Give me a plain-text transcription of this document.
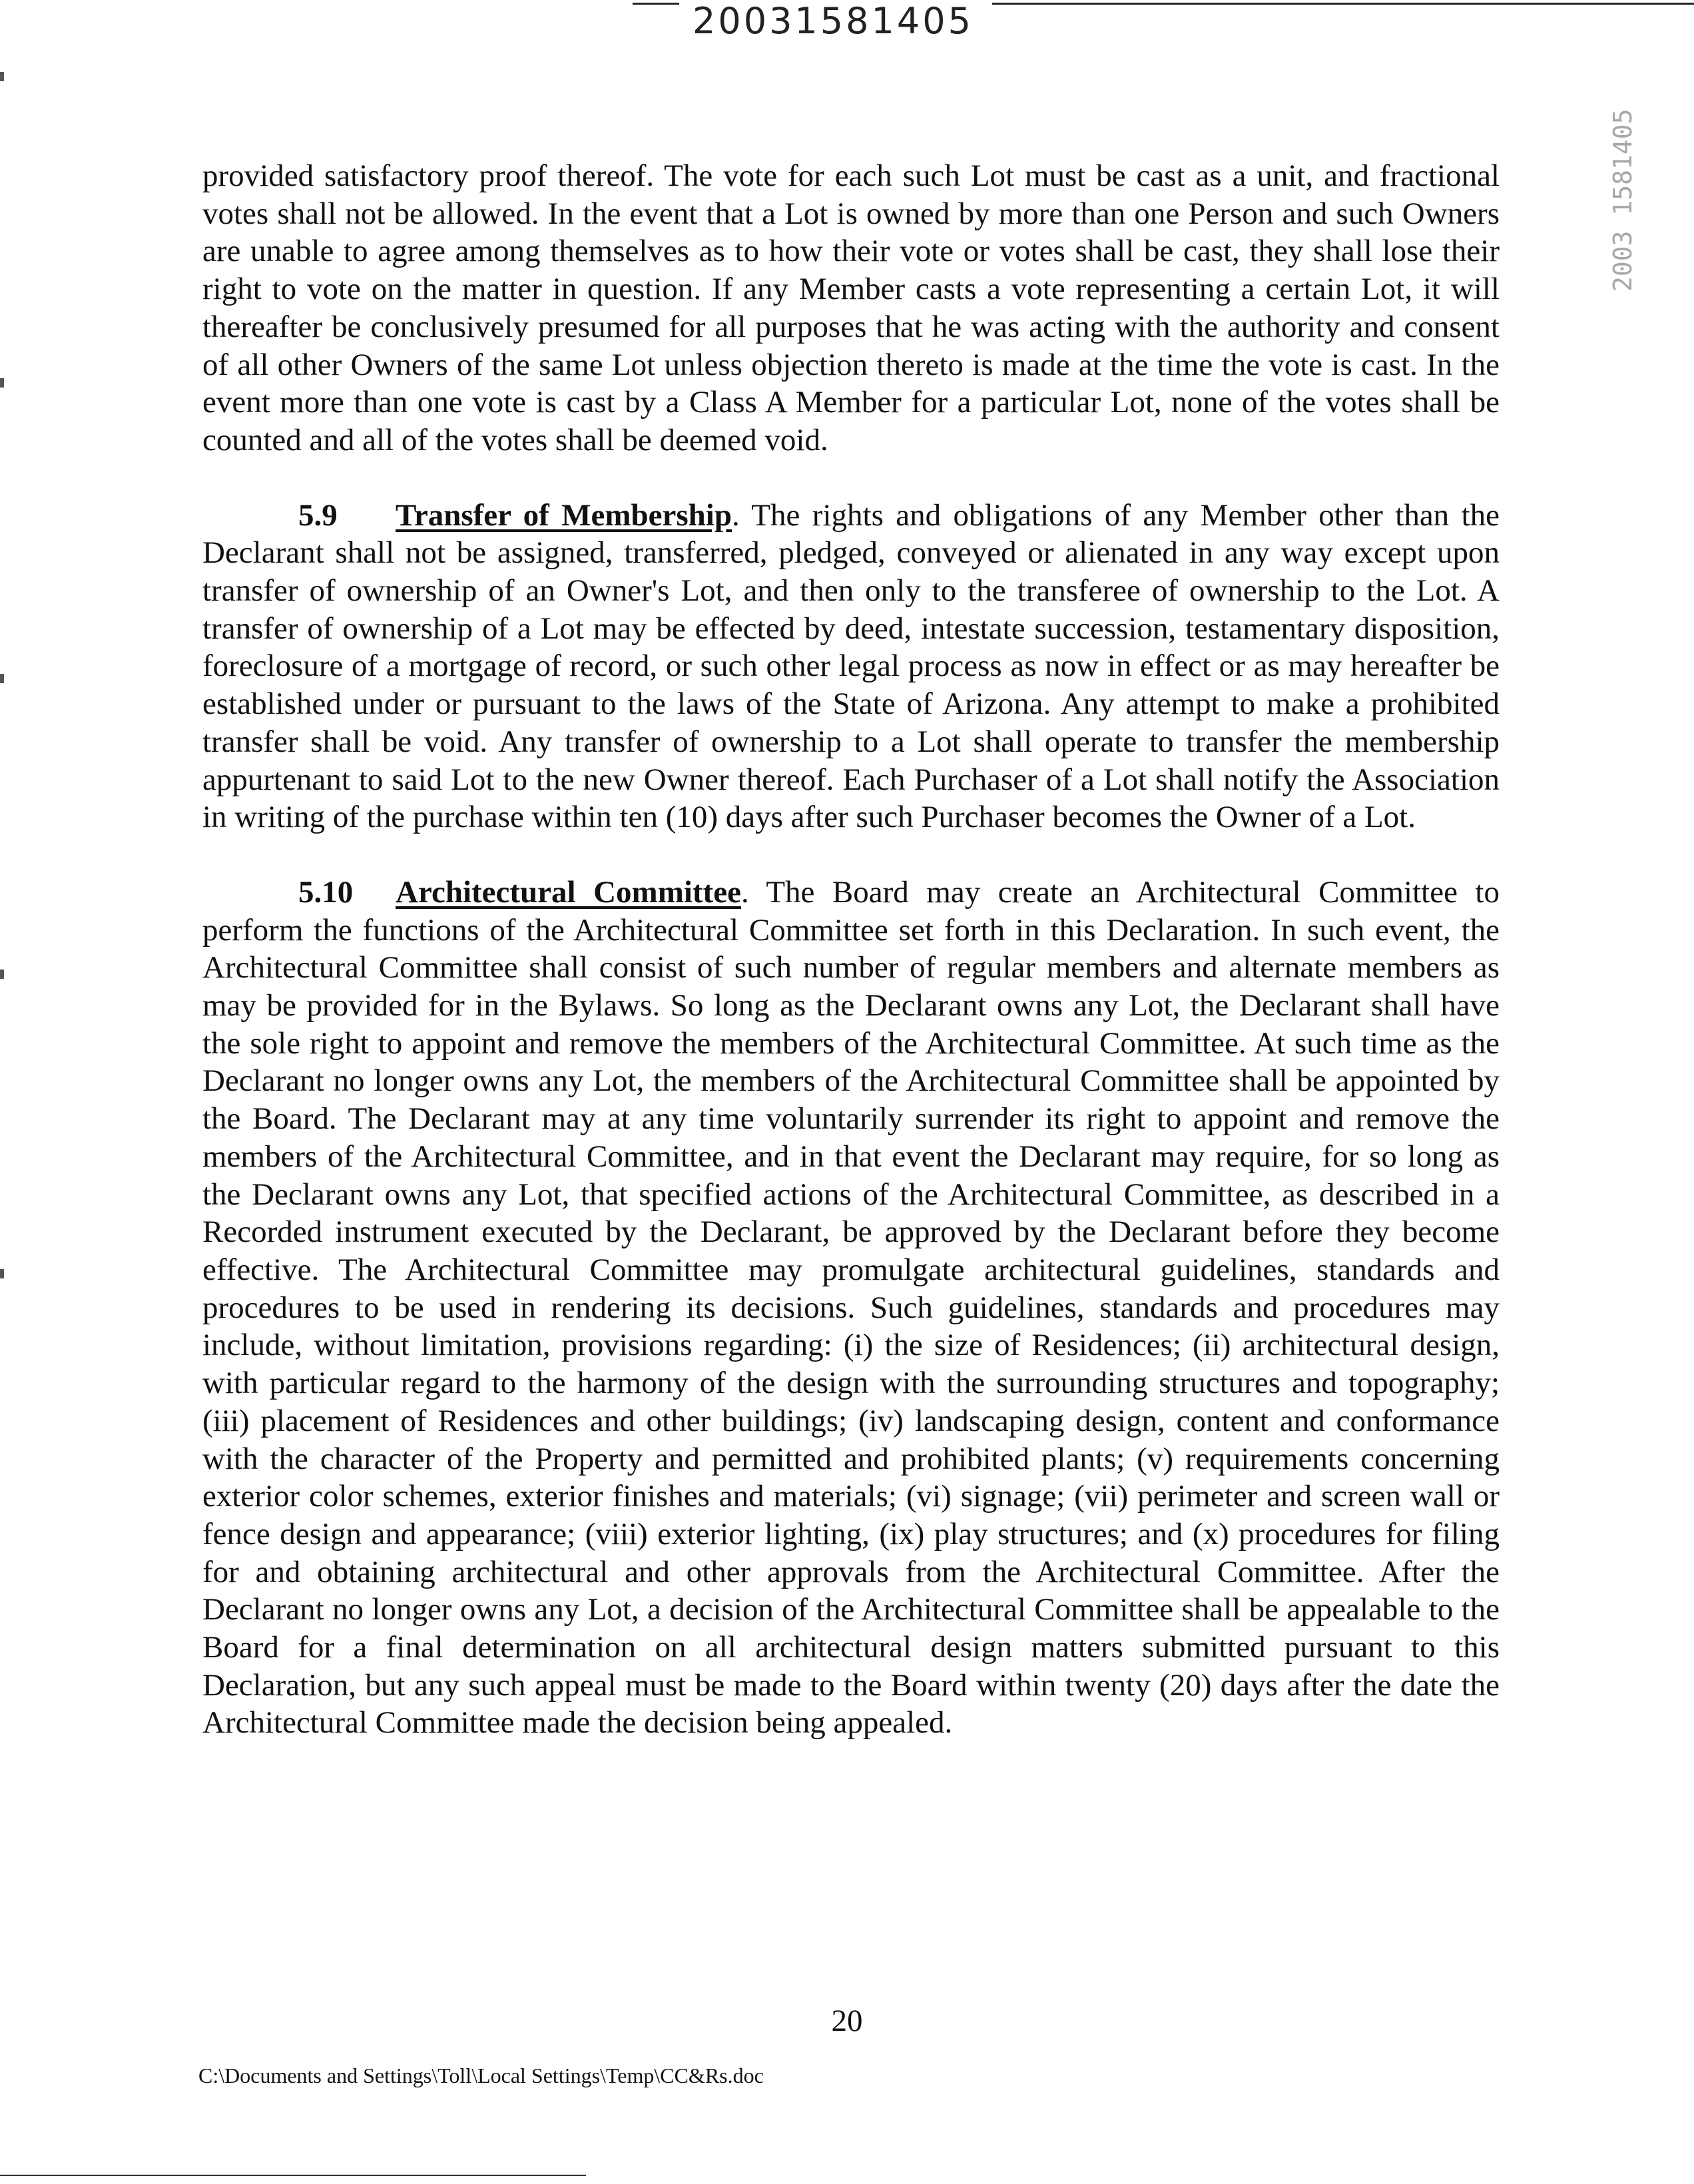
20031581405
2003 1581405

provided satisfactory proof thereof. The vote for each such Lot must be cast as a unit, and fractional votes shall not be allowed. In the event that a Lot is owned by more than one Person and such Owners are unable to agree among themselves as to how their vote or votes shall be cast, they shall lose their right to vote on the matter in question. If any Member casts a vote representing a certain Lot, it will thereafter be conclusively presumed for all purposes that he was acting with the authority and consent of all other Owners of the same Lot unless objection thereto is made at the time the vote is cast. In the event more than one vote is cast by a Class A Member for a particular Lot, none of the votes shall be counted and all of the votes shall be deemed void.

5.9 Transfer of Membership. The rights and obligations of any Member other than the Declarant shall not be assigned, transferred, pledged, conveyed or alienated in any way except upon transfer of ownership of an Owner's Lot, and then only to the transferee of ownership to the Lot. A transfer of ownership of a Lot may be effected by deed, intestate succession, testamentary disposition, foreclosure of a mortgage of record, or such other legal process as now in effect or as may hereafter be established under or pursuant to the laws of the State of Arizona. Any attempt to make a prohibited transfer shall be void. Any transfer of ownership to a Lot shall operate to transfer the membership appurtenant to said Lot to the new Owner thereof. Each Purchaser of a Lot shall notify the Association in writing of the purchase within ten (10) days after such Purchaser becomes the Owner of a Lot.

5.10 Architectural Committee. The Board may create an Architectural Committee to perform the functions of the Architectural Committee set forth in this Declaration. In such event, the Architectural Committee shall consist of such number of regular members and alternate members as may be provided for in the Bylaws. So long as the Declarant owns any Lot, the Declarant shall have the sole right to appoint and remove the members of the Architectural Committee. At such time as the Declarant no longer owns any Lot, the members of the Architectural Committee shall be appointed by the Board. The Declarant may at any time voluntarily surrender its right to appoint and remove the members of the Architectural Committee, and in that event the Declarant may require, for so long as the Declarant owns any Lot, that specified actions of the Architectural Committee, as described in a Recorded instrument executed by the Declarant, be approved by the Declarant before they become effective. The Architectural Committee may promulgate architectural guidelines, standards and procedures to be used in rendering its decisions. Such guidelines, standards and procedures may include, without limitation, provisions regarding: (i) the size of Residences; (ii) architectural design, with particular regard to the harmony of the design with the surrounding structures and topography; (iii) placement of Residences and other buildings; (iv) landscaping design, content and conformance with the character of the Property and permitted and prohibited plants; (v) requirements concerning exterior color schemes, exterior finishes and materials; (vi) signage; (vii) perimeter and screen wall or fence design and appearance; (viii) exterior lighting, (ix) play structures; and (x) procedures for filing for and obtaining architectural and other approvals from the Architectural Committee. After the Declarant no longer owns any Lot, a decision of the Architectural Committee shall be appealable to the Board for a final determination on all architectural design matters submitted pursuant to this Declaration, but any such appeal must be made to the Board within twenty (20) days after the date the Architectural Committee made the decision being appealed.

20
C:\Documents and Settings\Toll\Local Settings\Temp\CC&Rs.doc
